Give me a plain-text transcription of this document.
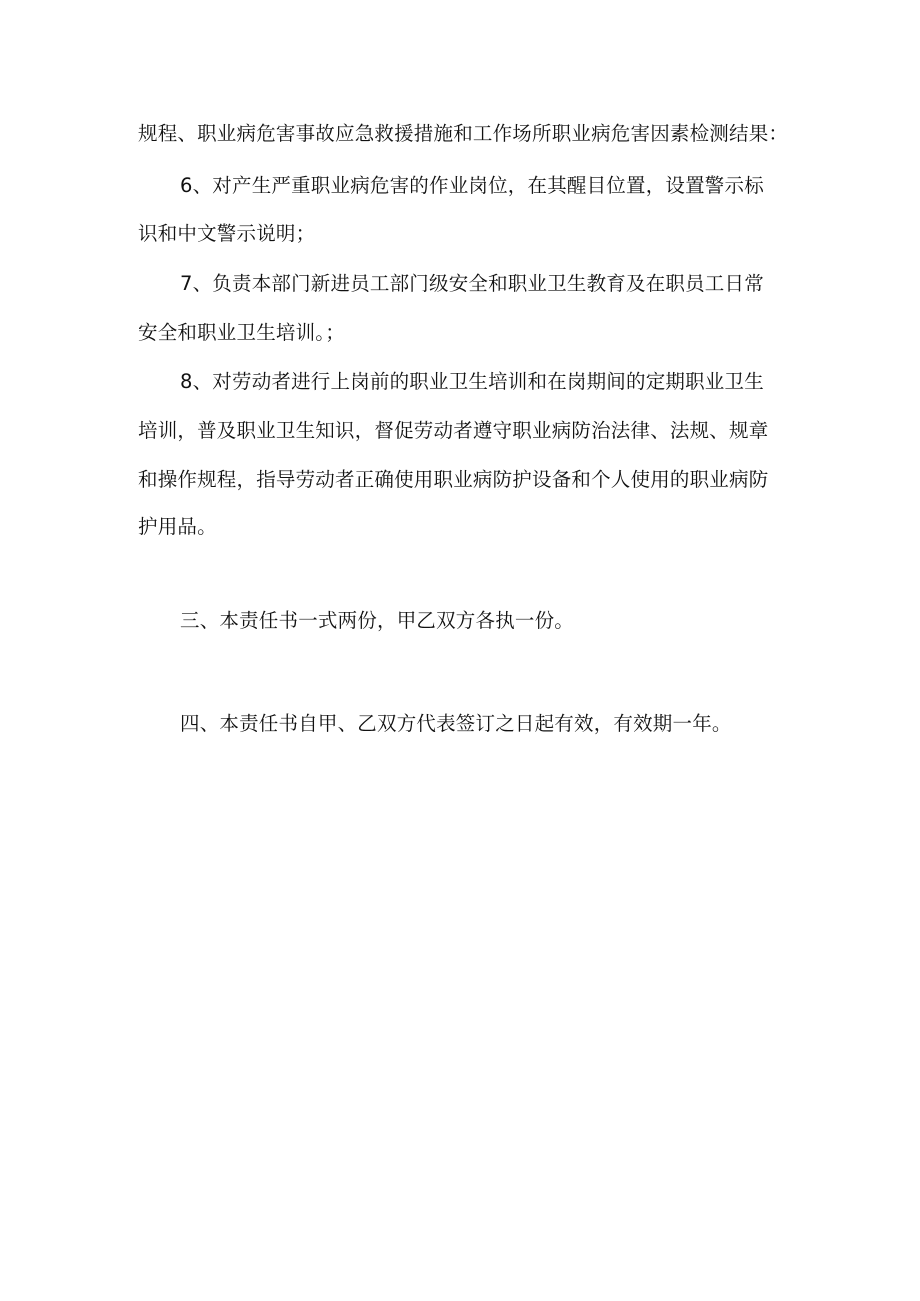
规程、职业病危害事故应急救援措施和工作场所职业病危害因素检测结果：
6、对产生严重职业病危害的作业岗位，在其醒目位置，设置警示标
识和中文警示说明；
7、负责本部门新进员工部门级安全和职业卫生教育及在职员工日常
安全和职业卫生培训。；
8、对劳动者进行上岗前的职业卫生培训和在岗期间的定期职业卫生
培训，普及职业卫生知识，督促劳动者遵守职业病防治法律、法规、规章
和操作规程，指导劳动者正确使用职业病防护设备和个人使用的职业病防
护用品。
三、本责任书一式两份，甲乙双方各执一份。
四、本责任书自甲、乙双方代表签订之日起有效，有效期一年。
